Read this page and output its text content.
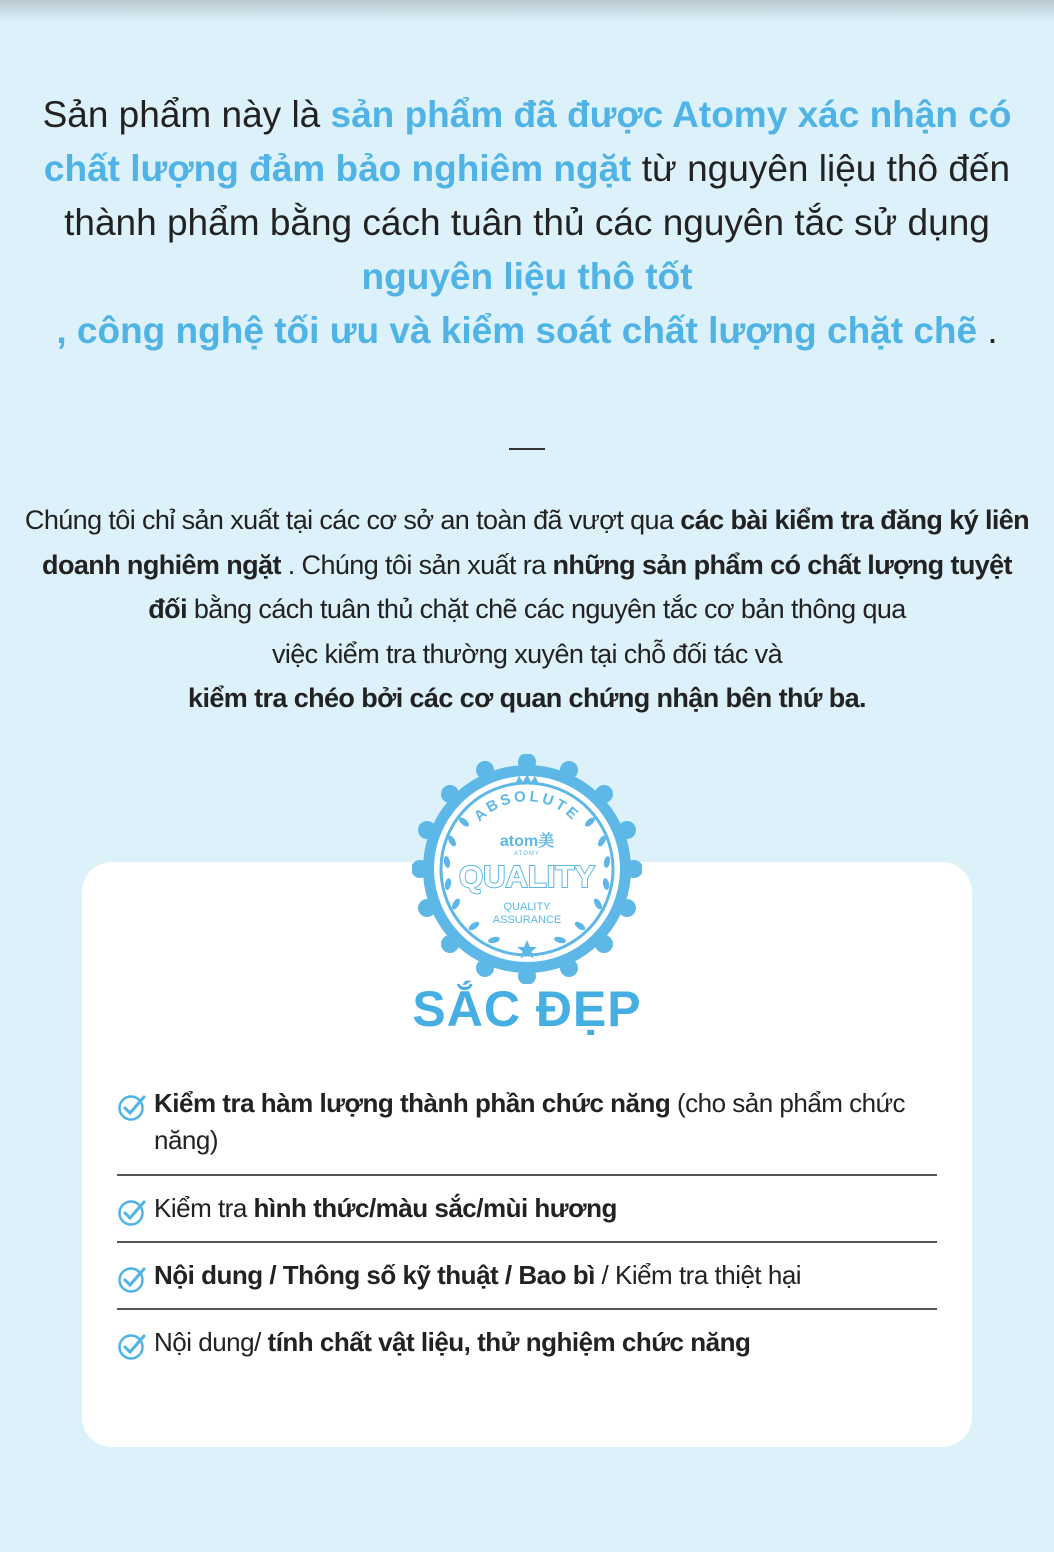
Sản phẩm này là sản phẩm đã được Atomy xác nhận có chất lượng đảm bảo nghiêm ngặt từ nguyên liệu thô đến thành phẩm bằng cách tuân thủ các nguyên tắc sử dụng nguyên liệu thô tốt
, công nghệ tối ưu và kiểm soát chất lượng chặt chẽ .

Chúng tôi chỉ sản xuất tại các cơ sở an toàn đã vượt qua các bài kiểm tra đăng ký liên doanh nghiêm ngặt . Chúng tôi sản xuất ra những sản phẩm có chất lượng tuyệt đối bằng cách tuân thủ chặt chẽ các nguyên tắc cơ bản thông qua
việc kiểm tra thường xuyên tại chỗ đối tác và
kiểm tra chéo bởi các cơ quan chứng nhận bên thứ ba.

ABSOLUTE
atom美
ATOMY
QUALITY
QUALITY
ASSURANCE
SẮC ĐẸP
Kiểm tra hàm lượng thành phần chức năng (cho sản phẩm chức năng)
Kiểm tra hình thức/màu sắc/mùi hương
Nội dung / Thông số kỹ thuật / Bao bì / Kiểm tra thiệt hại
Nội dung/ tính chất vật liệu, thử nghiệm chức năng
